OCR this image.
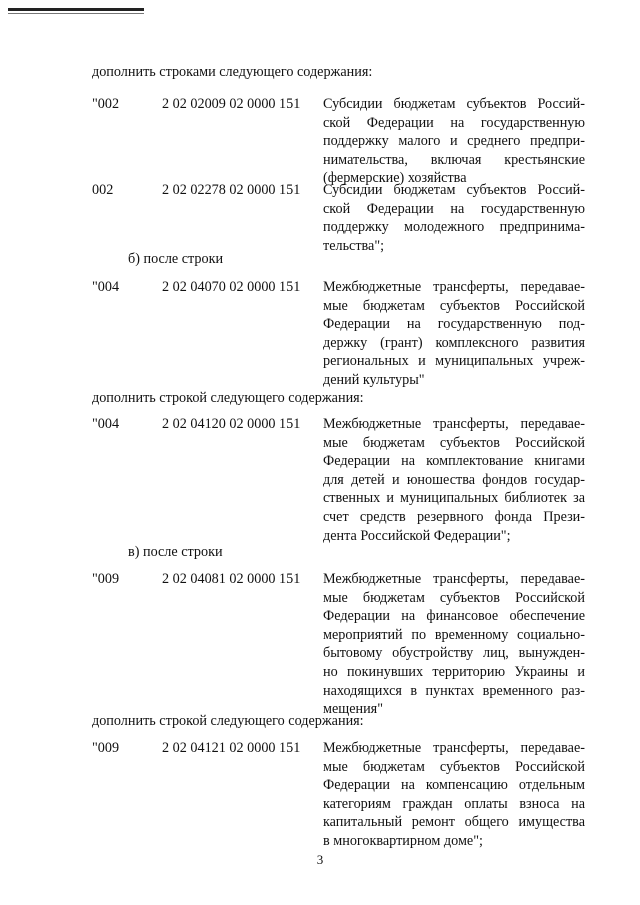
дополнить строками следующего содержания:
"002	2 02 02009 02 0000 151 Субсидии бюджетам субъектов Россий-
ской Федерации на государственную
поддержку малого и среднего предпри-
нимательства, включая крестьянские
(фермерские) хозяйства
002	2 02 02278 02 0000 151 Субсидии бюджетам субъектов Россий-
ской Федерации на государственную
поддержку молодежного предпринима-
тельства";
б) после строки
"004	2 02 04070 02 0000 151 Межбюджетные трансферты, передавае-
мые бюджетам субъектов Российской
Федерации на государственную под-
держку (грант) комплексного развития
региональных и муниципальных учреж-
дений культуры"
дополнить строкой следующего содержания:
"004	2 02 04120 02 0000 151 Межбюджетные трансферты, передавае-
мые бюджетам субъектов Российской
Федерации на комплектование книгами
для детей и юношества фондов государ-
ственных и муниципальных библиотек за
счет средств резервного фонда Прези-
дента Российской Федерации";
в) после строки
"009	2 02 04081 02 0000 151 Межбюджетные трансферты, передавае-
мые бюджетам субъектов Российской
Федерации на финансовое обеспечение
мероприятий по временному социально-
бытовому обустройству лиц, вынужден-
но покинувших территорию Украины и
находящихся в пунктах временного раз-
мещения"
дополнить строкой следующего содержания:
"009	2 02 04121 02 0000 151 Межбюджетные трансферты, передавае-
мые бюджетам субъектов Российской
Федерации на компенсацию отдельным
категориям граждан оплаты взноса на
капитальный ремонт общего имущества
в многоквартирном доме";
3
